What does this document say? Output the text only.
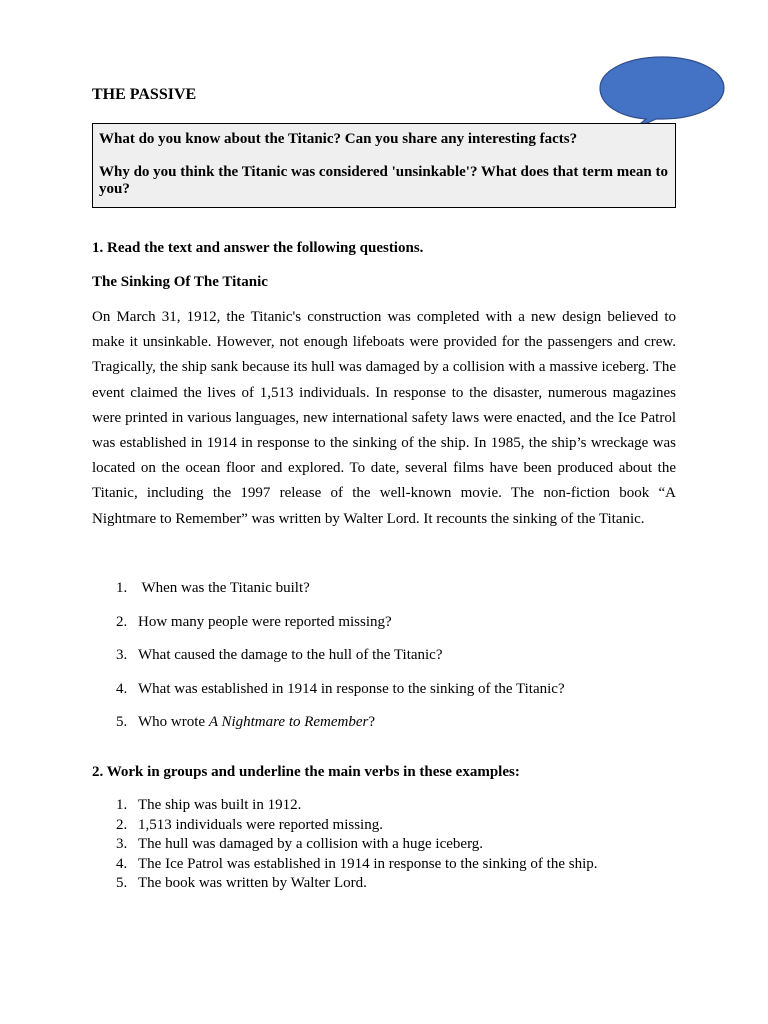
THE PASSIVE

What do you know about the Titanic? Can you share any interesting facts?

Why do you think the Titanic was considered 'unsinkable'? What does that term mean to you?

1. Read the text and answer the following questions.
The Sinking Of The Titanic

On March 31, 1912, the Titanic's construction was completed with a new design believed to make it unsinkable. However, not enough lifeboats were provided for the passengers and crew. Tragically, the ship sank because its hull was damaged by a collision with a massive iceberg. The event claimed the lives of 1,513 individuals. In response to the disaster, numerous magazines were printed in various languages, new international safety laws were enacted, and the Ice Patrol was established in 1914 in response to the sinking of the ship. In 1985, the ship’s wreckage was located on the ocean floor and explored. To date, several films have been produced about the Titanic, including the 1997 release of the well-known movie. The non-fiction book “A Nightmare to Remember” was written by Walter Lord. It recounts the sinking of the Titanic.

1. When was the Titanic built?
2. How many people were reported missing?
3. What caused the damage to the hull of the Titanic?
4. What was established in 1914 in response to the sinking of the Titanic?
5. Who wrote A Nightmare to Remember?
2. Work in groups and underline the main verbs in these examples:
1. The ship was built in 1912.
2. 1,513 individuals were reported missing.
3. The hull was damaged by a collision with a huge iceberg.
4. The Ice Patrol was established in 1914 in response to the sinking of the ship.
5. The book was written by Walter Lord.
